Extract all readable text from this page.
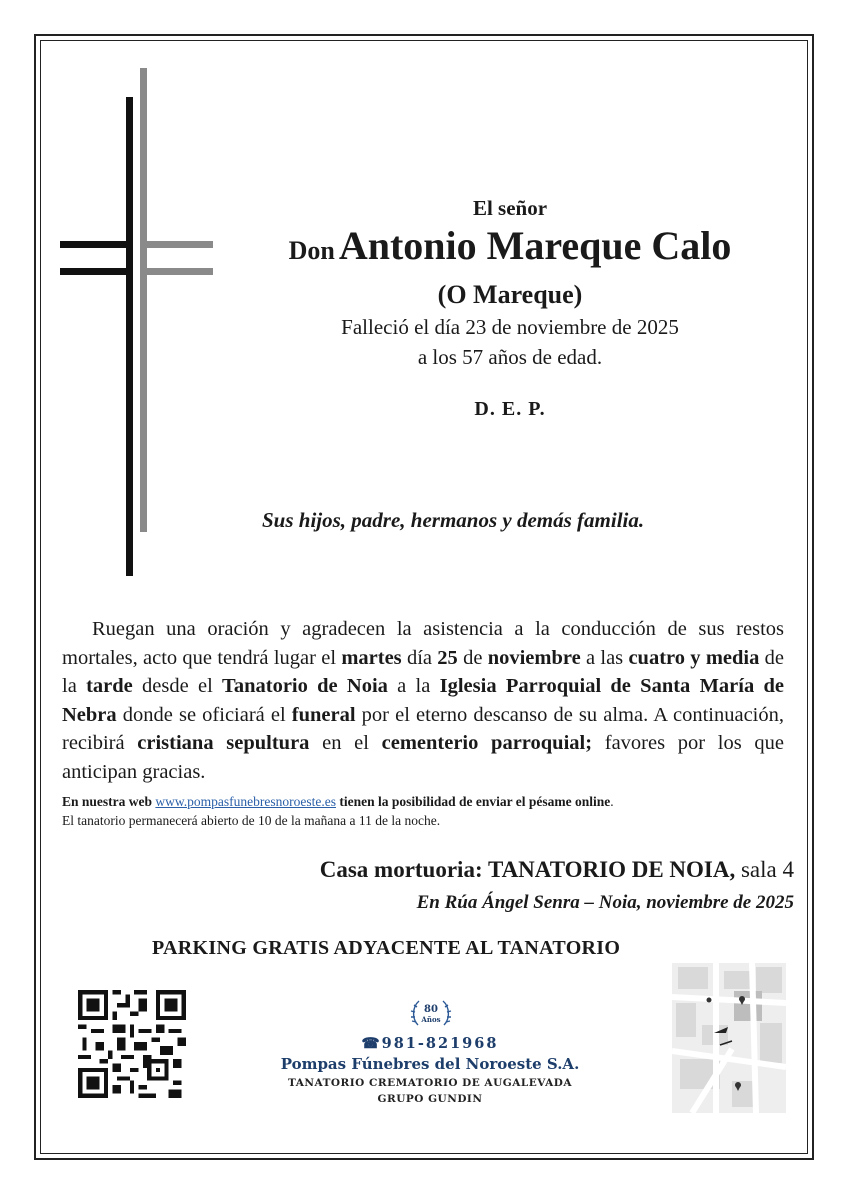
El señor
Don Antonio Mareque Calo
(O Mareque)
Falleció el día 23 de noviembre de 2025
a los 57 años de edad.
D. E. P.
Sus hijos, padre, hermanos y demás familia.

Ruegan una oración y agradecen la asistencia a la conducción de sus restos mortales, acto que tendrá lugar el martes día 25 de noviembre a las cuatro y media de la tarde desde el Tanatorio de Noia a la Iglesia Parroquial de Santa María de Nebra donde se oficiará el funeral por el eterno descanso de su alma. A continuación, recibirá cristiana sepultura en el cementerio parroquial; favores por los que anticipan gracias.

En nuestra web www.pompasfunebresnoroeste.es tienen la posibilidad de enviar el pésame online.
El tanatorio permanecerá abierto de 10 de la mañana a 11 de la noche.
Casa mortuoria: TANATORIO DE NOIA, sala 4
En Rúa Ángel Senra – Noia, noviembre de 2025
PARKING GRATIS ADYACENTE AL TANATORIO
80
Años
☎981-821968
Pompas Fúnebres del Noroeste S.A.
TANATORIO CREMATORIO DE AUGALEVADA
GRUPO GUNDIN
